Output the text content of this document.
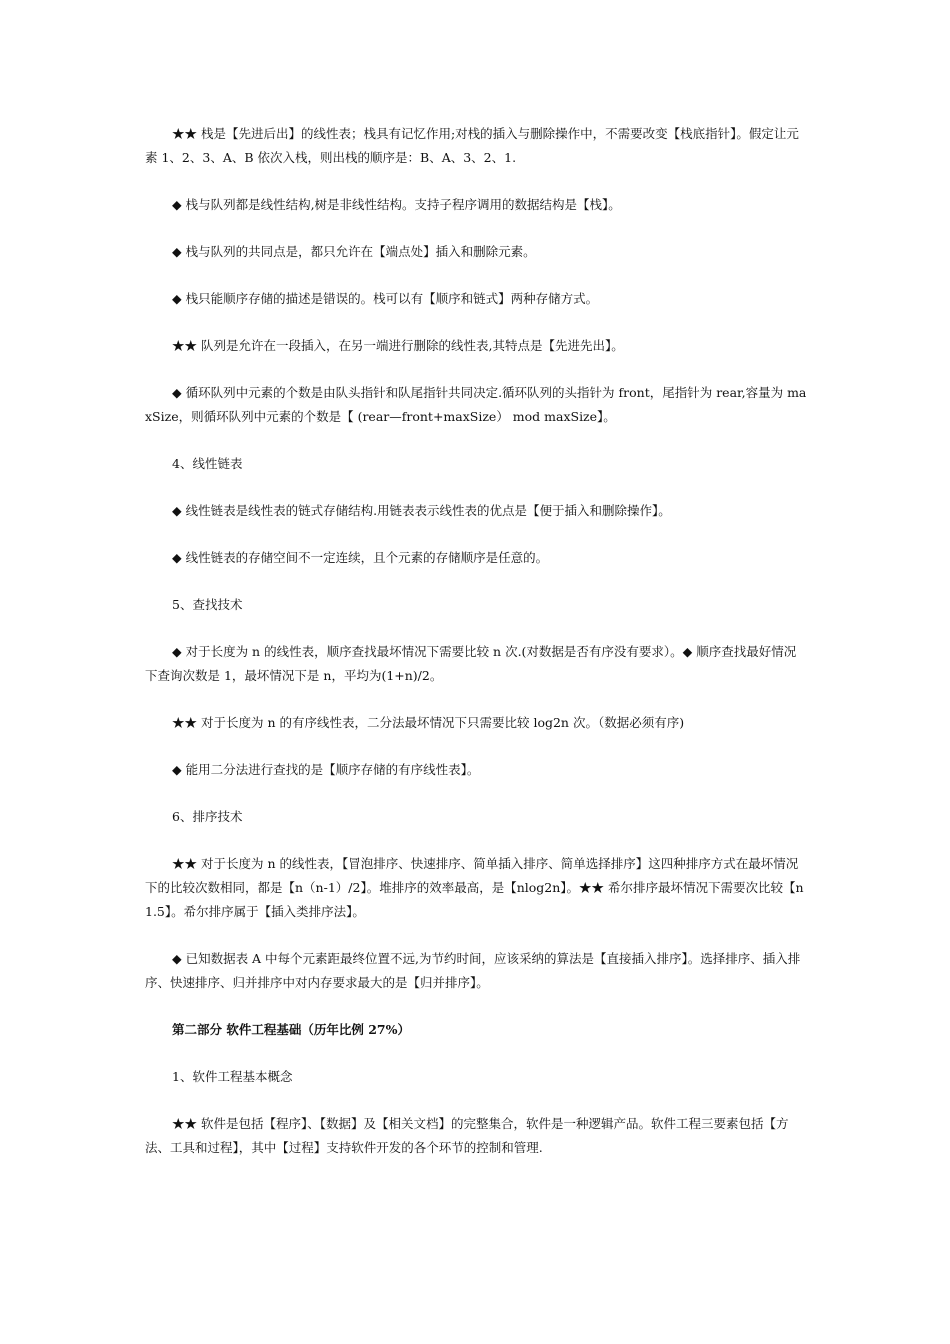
★★ 栈是【先进后出】的线性表；栈具有记忆作用;对栈的插入与删除操作中，不需要改变【栈底指针】。假定让元素 1、2、3、A、B 依次入栈，则出栈的顺序是：B、A、3、2、1.

◆ 栈与队列都是线性结构,树是非线性结构。支持子程序调用的数据结构是【栈】。

◆ 栈与队列的共同点是，都只允许在【端点处】插入和删除元素。

◆ 栈只能顺序存储的描述是错误的。栈可以有【顺序和链式】两种存储方式。

★★ 队列是允许在一段插入，在另一端进行删除的线性表,其特点是【先进先出】。

◆ 循环队列中元素的个数是由队头指针和队尾指针共同决定.循环队列的头指针为 front，尾指针为 rear,容量为 maxSize，则循环队列中元素的个数是【 (rear—front+maxSize） mod maxSize】。

4、线性链表

◆ 线性链表是线性表的链式存储结构.用链表表示线性表的优点是【便于插入和删除操作】。

◆ 线性链表的存储空间不一定连续，且个元素的存储顺序是任意的。

5、查找技术

◆ 对于长度为 n 的线性表，顺序查找最坏情况下需要比较 n 次.(对数据是否有序没有要求）。◆ 顺序查找最好情况下查询次数是 1，最坏情况下是 n，平均为(1+n)/2。

★★ 对于长度为 n 的有序线性表，二分法最坏情况下只需要比较 log2n 次。（数据必须有序)

◆ 能用二分法进行查找的是【顺序存储的有序线性表】。

6、排序技术

★★ 对于长度为 n 的线性表，【冒泡排序、快速排序、简单插入排序、简单选择排序】这四种排序方式在最坏情况下的比较次数相同，都是【n（n-1）/2】。堆排序的效率最高，是【nlog2n】。★★ 希尔排序最坏情况下需要次比较【n1.5】。希尔排序属于【插入类排序法】。

◆ 已知数据表 A 中每个元素距最终位置不远,为节约时间，应该采纳的算法是【直接插入排序】。选择排序、插入排序、快速排序、归并排序中对内存要求最大的是【归并排序】。

第二部分 软件工程基础（历年比例 27%）

1、软件工程基本概念

★★ 软件是包括【程序】、【数据】及【相关文档】的完整集合，软件是一种逻辑产品。软件工程三要素包括【方法、工具和过程】，其中【过程】支持软件开发的各个环节的控制和管理.
